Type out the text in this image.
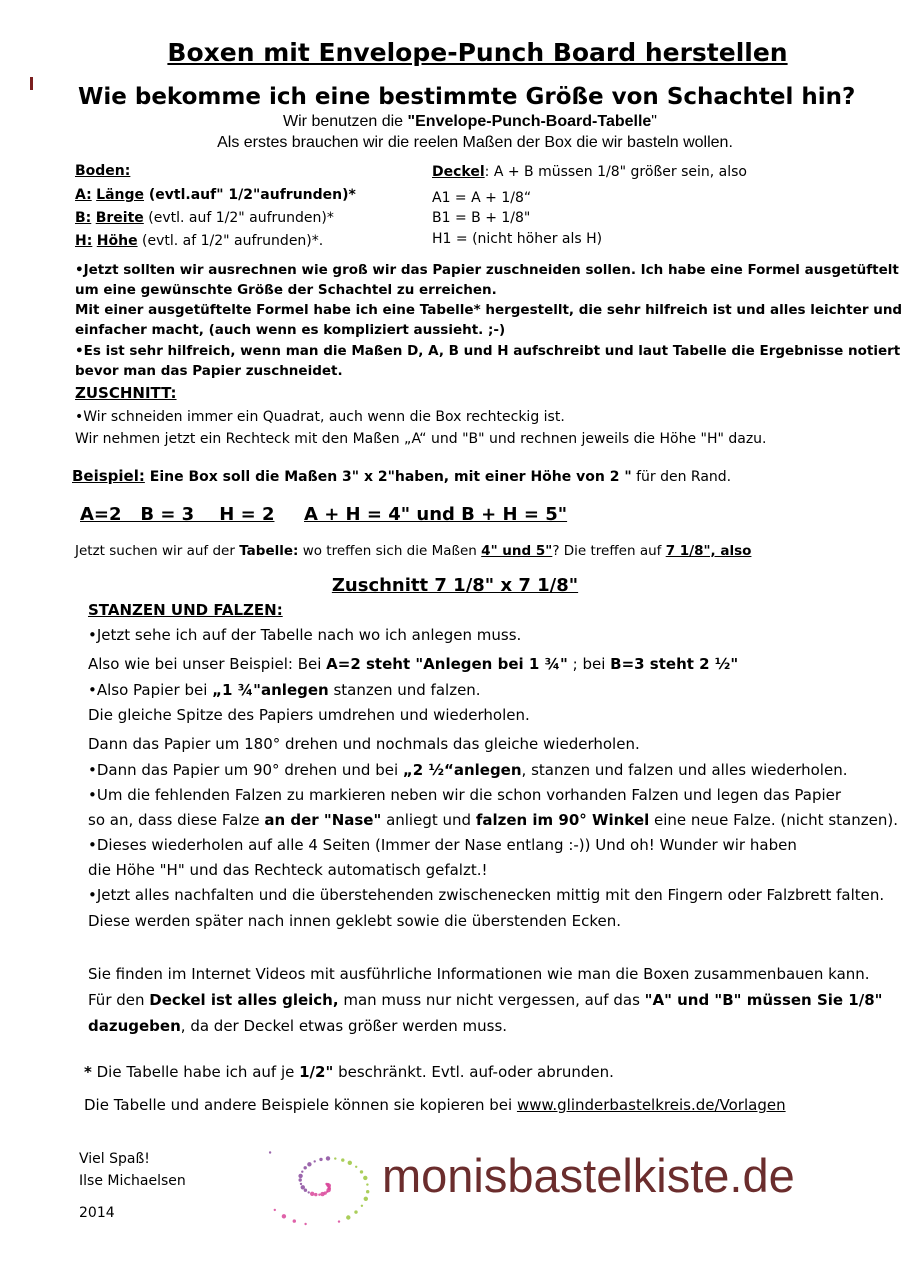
Boxen mit Envelope-Punch Board herstellen
Wie bekomme ich eine bestimmte Größe von Schachtel hin?
Wir benutzen die "Envelope-Punch-Board-Tabelle"
Als erstes brauchen wir die reelen Maßen der Box die wir basteln wollen.
Boden:
A: Länge (evtl.auf" 1/2"aufrunden)*
B: Breite (evtl. auf 1/2" aufrunden)*
H: Höhe (evtl. af 1/2" aufrunden)*.
Deckel: A + B müssen 1/8" größer sein, also
A1 = A + 1/8“
B1 = B + 1/8"
H1 = (nicht höher als H)
•Jetzt sollten wir ausrechnen wie groß wir das Papier zuschneiden sollen. Ich habe eine Formel ausgetüftelt
um eine gewünschte Größe der Schachtel zu erreichen.
Mit einer ausgetüftelte Formel habe ich eine Tabelle* hergestellt, die sehr hilfreich ist und alles leichter und
einfacher macht, (auch wenn es kompliziert aussieht. ;-)
•Es ist sehr hilfreich, wenn man die Maßen D, A, B und H aufschreibt und laut Tabelle die Ergebnisse notiert
bevor man das Papier zuschneidet.
ZUSCHNITT:
•Wir schneiden immer ein Quadrat, auch wenn die Box rechteckig ist.
Wir nehmen jetzt ein Rechteck mit den Maßen „A“ und "B" und rechnen jeweils die Höhe "H" dazu.
Beispiel: Eine Box soll die Maßen 3" x 2"haben, mit einer Höhe von 2 " für den Rand.
A=2   B = 3    H = 2 A + H = 4" und B + H = 5"
Jetzt suchen wir auf der Tabelle: wo treffen sich die Maßen 4" und 5"? Die treffen auf 7 1/8", also
Zuschnitt 7 1/8" x 7 1/8"
STANZEN UND FALZEN:
•Jetzt sehe ich auf der Tabelle nach wo ich anlegen muss.
Also wie bei unser Beispiel: Bei A=2 steht "Anlegen bei 1 ¾" ; bei B=3 steht 2 ½"
•Also Papier bei „1 ¾"anlegen stanzen und falzen.
Die gleiche Spitze des Papiers umdrehen und wiederholen.
Dann das Papier um 180° drehen und nochmals das gleiche wiederholen.
•Dann das Papier um 90° drehen und bei „2 ½“anlegen, stanzen und falzen und alles wiederholen.
•Um die fehlenden Falzen zu markieren neben wir die schon vorhanden Falzen und legen das Papier
so an, dass diese Falze an der "Nase" anliegt und falzen im 90° Winkel eine neue Falze. (nicht stanzen).
•Dieses wiederholen auf alle 4 Seiten (Immer der Nase entlang :-)) Und oh! Wunder wir haben
die Höhe "H" und das Rechteck automatisch gefalzt.!
•Jetzt alles nachfalten und die überstehenden zwischenecken mittig mit den Fingern oder Falzbrett falten.
Diese werden später nach innen geklebt sowie die überstenden Ecken.
Sie finden im Internet Videos mit ausführliche Informationen wie man die Boxen zusammenbauen kann.
Für den Deckel ist alles gleich, man muss nur nicht vergessen, auf das "A" und "B" müssen Sie 1/8"
dazugeben, da der Deckel etwas größer werden muss.
* Die Tabelle habe ich auf je 1/2" beschränkt. Evtl. auf-oder abrunden.
Die Tabelle und andere Beispiele können sie kopieren bei www.glinderbastelkreis.de/Vorlagen
Viel Spaß!
Ilse Michaelsen
2014
monisbastelkiste.de
